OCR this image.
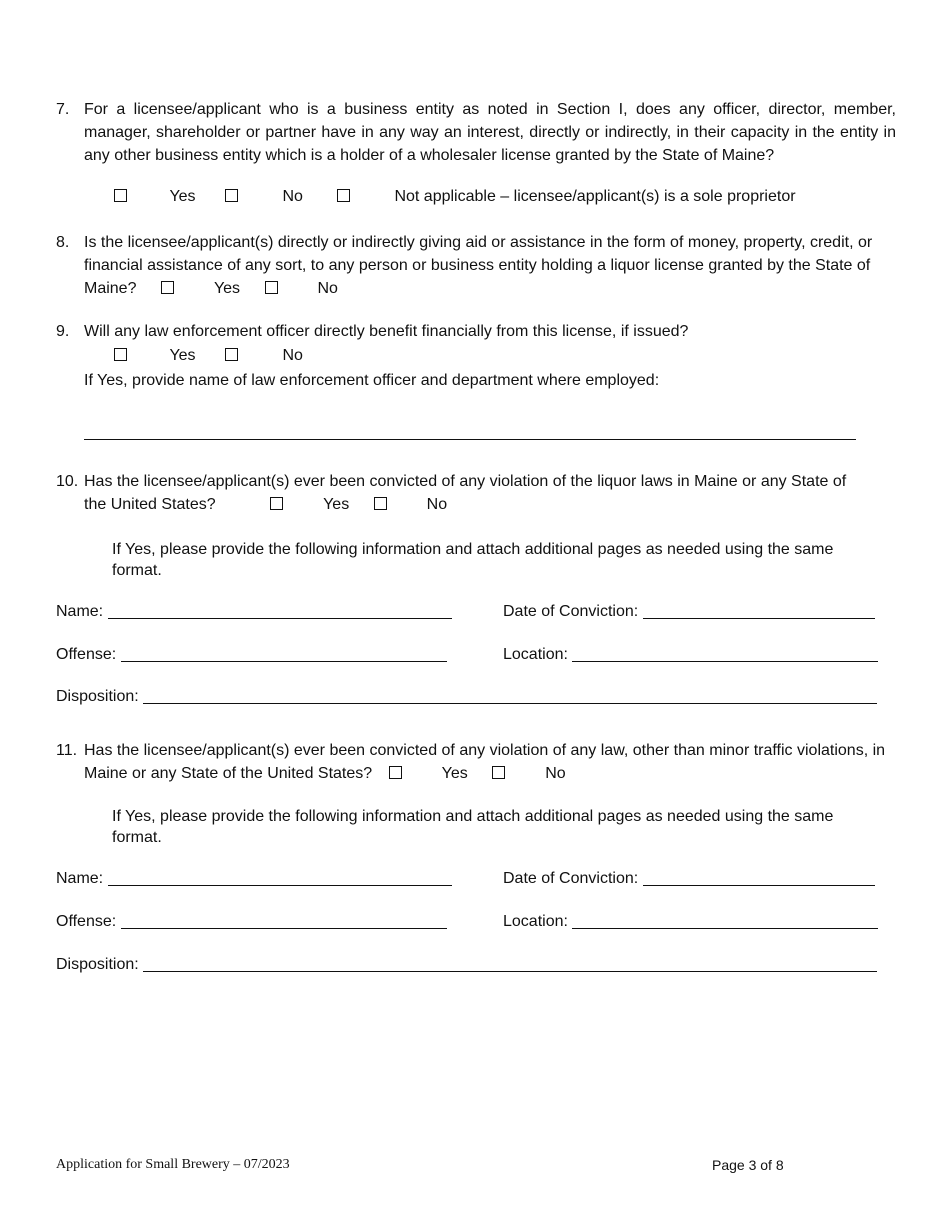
7. For a licensee/applicant who is a business entity as noted in Section I, does any officer, director, member, manager, shareholder or partner have in any way an interest, directly or indirectly, in their capacity in the entity in any other business entity which is a holder of a wholesaler license granted by the State of Maine?
Yes	No	Not applicable – licensee/applicant(s) is a sole proprietor
8. Is the licensee/applicant(s) directly or indirectly giving aid or assistance in the form of money, property, credit, or financial assistance of any sort, to any person or business entity holding a liquor license granted by the State of Maine?	Yes	No
9. Will any law enforcement officer directly benefit financially from this license, if issued?
Yes	No
If Yes, provide name of law enforcement officer and department where employed:
10. Has the licensee/applicant(s) ever been convicted of any violation of the liquor laws in Maine or any State of the United States?	Yes	No
If Yes, please provide the following information and attach additional pages as needed using the same format.
Name:	Date of Conviction:
Offense:	Location:
Disposition:
11. Has the licensee/applicant(s) ever been convicted of any violation of any law, other than minor traffic violations, in Maine or any State of the United States?	Yes	No
If Yes, please provide the following information and attach additional pages as needed using the same format.
Name:	Date of Conviction:
Offense:	Location:
Disposition:
Application for Small Brewery – 07/2023	Page 3 of 8
